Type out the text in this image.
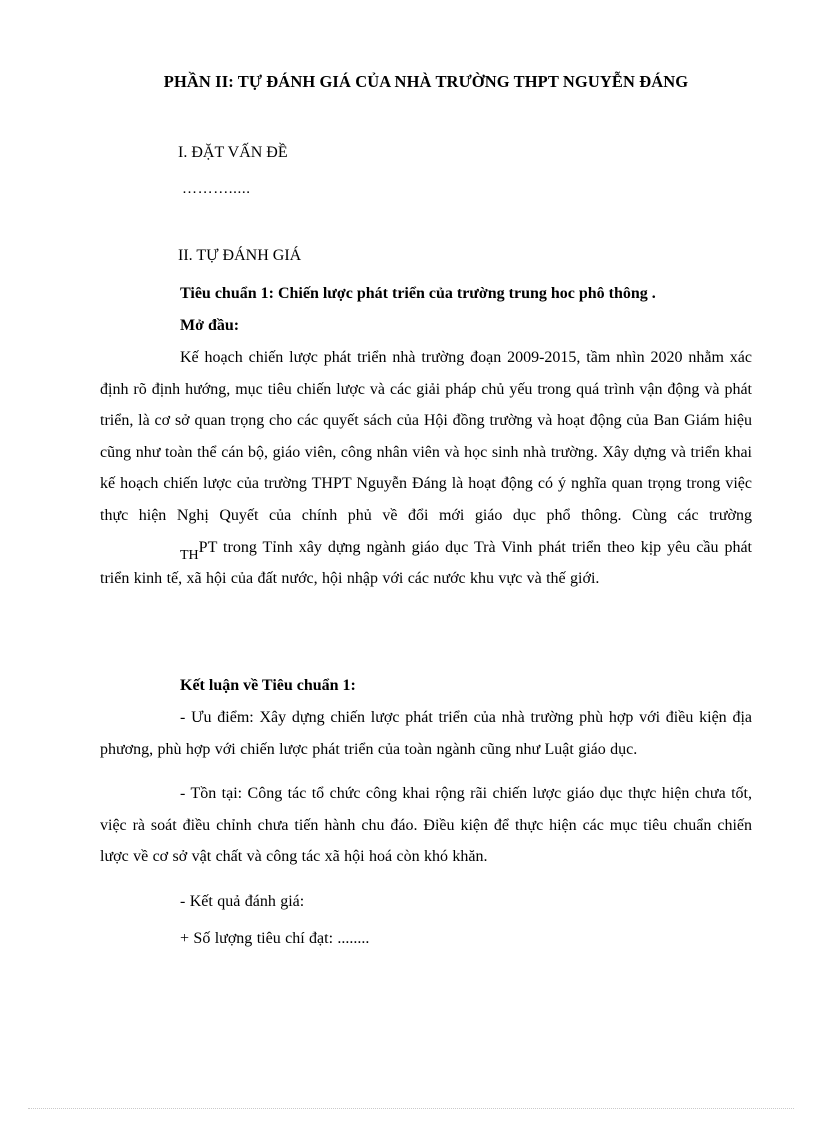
PHẦN II: TỰ ĐÁNH GIÁ CỦA NHÀ TRƯỜNG THPT NGUYỄN ĐÁNG

I. ĐẶT VẤN ĐỀ

……….....

II. TỰ ĐÁNH GIÁ

Tiêu chuẩn 1: Chiến lược phát triển của trường trung hoc phô thông .

Mở đầu:

Kế hoạch chiến lược phát triển nhà trường đoạn 2009-2015, tầm nhìn 2020 nhằm xác định rõ định hướng, mục tiêu chiến lược và các giải pháp chủ yếu trong quá trình vận động và phát triển, là cơ sở quan trọng cho các quyết sách của Hội đồng trường và hoạt động của Ban Giám hiệu cũng như toàn thể cán bộ, giáo viên, công nhân viên và học sinh nhà trường. Xây dựng và triển khai kế hoạch chiến lược của trường THPT Nguyễn Đáng là hoạt động có ý nghĩa quan trọng trong việc thực hiện Nghị Quyết của chính phủ về đổi mới giáo dục phổ thông. Cùng các trường THPT trong Tỉnh xây dựng ngành giáo dục Trà Vinh phát triển theo kịp yêu cầu phát triển kinh tế, xã hội của đất nước, hội nhập với các nước khu vực và thế giới.

Kết luận về Tiêu chuẩn 1:

- Ưu điểm: Xây dựng chiến lược phát triển của nhà trường phù hợp với điều kiện địa phương, phù hợp với chiến lược phát triển của toàn ngành cũng như Luật giáo dục.

- Tồn tại: Công tác tổ chức công khai rộng rãi chiến lược giáo dục thực hiện chưa tốt, việc rà soát điều chỉnh chưa tiến hành chu đáo. Điều kiện để thực hiện các mục tiêu chuẩn chiến lược về cơ sở vật chất và công tác xã hội hoá còn khó khăn.

- Kết quả đánh giá:

+ Số lượng tiêu chí đạt: ........
